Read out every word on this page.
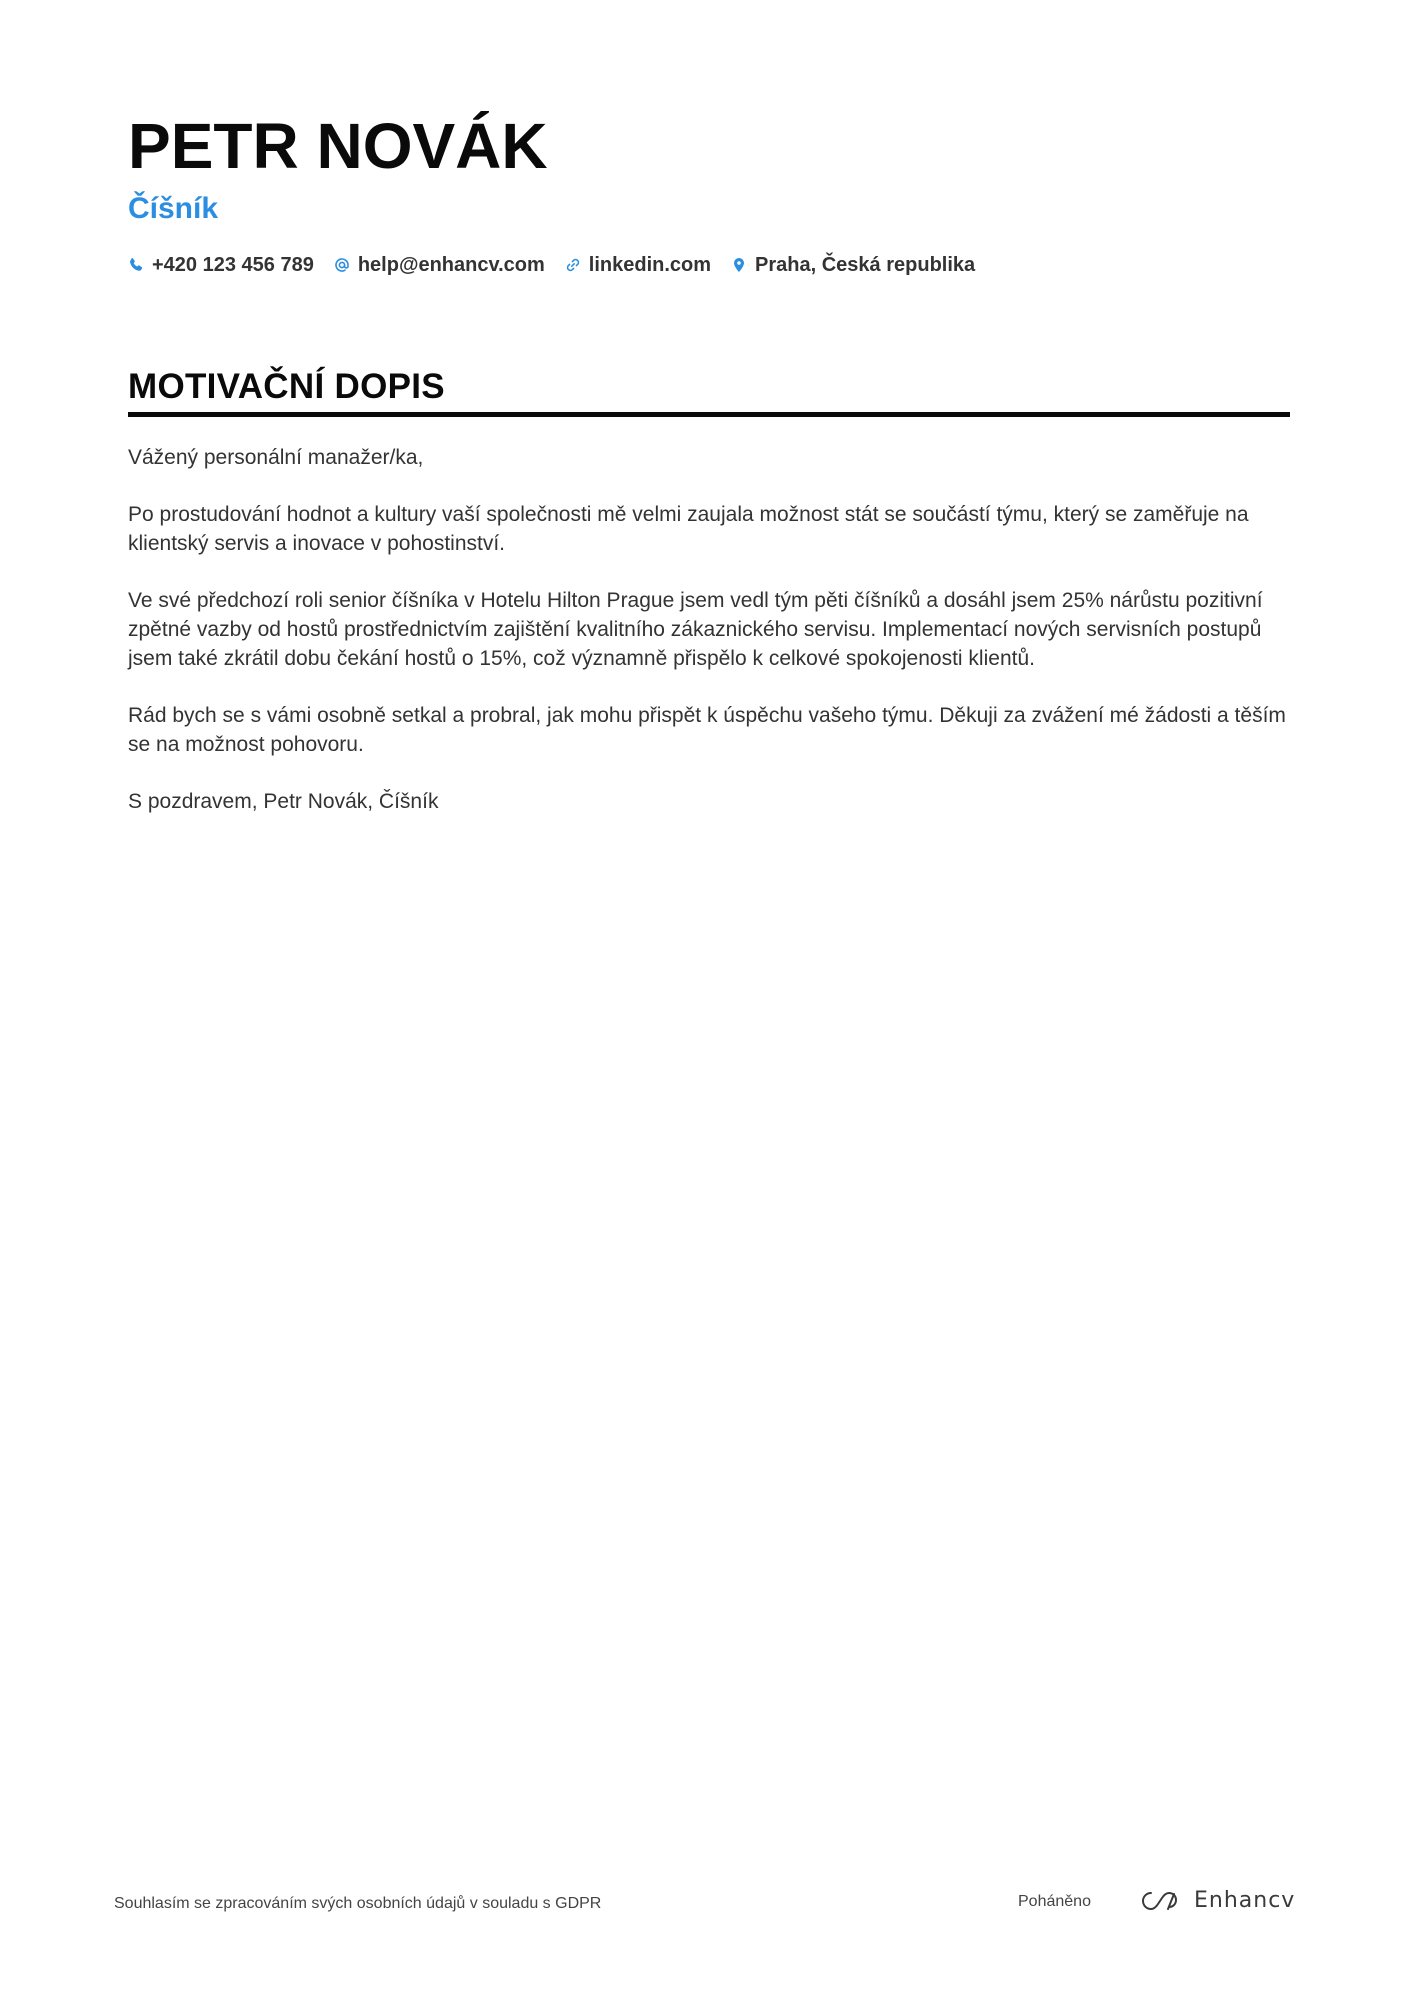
PETR NOVÁK
Číšník
+420 123 456 789 help@enhancv.com linkedin.com Praha, Česká republika
MOTIVAČNÍ DOPIS

Vážený personální manažer/ka,

Po prostudování hodnot a kultury vaší společnosti mě velmi zaujala možnost stát se součástí týmu, který se zaměřuje na klientský servis a inovace v pohostinství.

Ve své předchozí roli senior číšníka v Hotelu Hilton Prague jsem vedl tým pěti číšníků a dosáhl jsem 25% nárůstu pozitivní zpětné vazby od hostů prostřednictvím zajištění kvalitního zákaznického servisu. Implementací nových servisních postupů jsem také zkrátil dobu čekání hostů o 15%, což významně přispělo k celkové spokojenosti klientů.

Rád bych se s vámi osobně setkal a probral, jak mohu přispět k úspěchu vašeho týmu. Děkuji za zvážení mé žádosti a těším se na možnost pohovoru.

S pozdravem, Petr Novák, Číšník

Souhlasím se zpracováním svých osobních údajů v souladu s GDPR	Poháněno	Enhancv
